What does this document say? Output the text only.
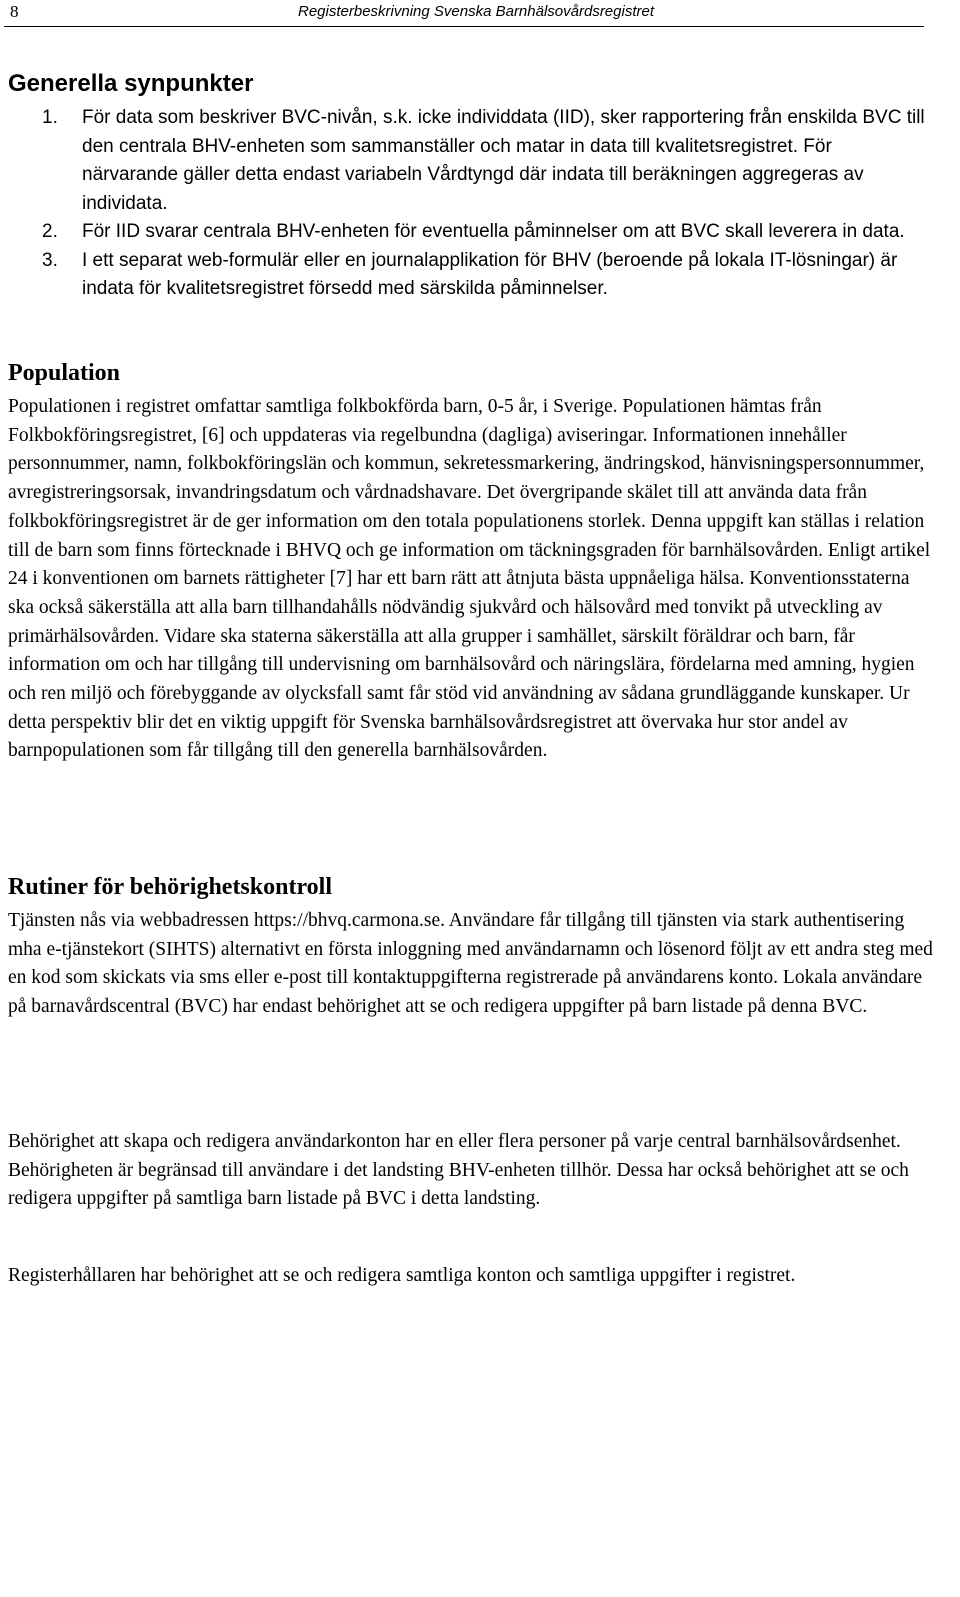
8	Registerbeskrivning Svenska Barnhälsovårdsregistret
Generella synpunkter
1. För data som beskriver BVC-nivån, s.k. icke individdata (IID), sker rapportering från enskilda BVC till den centrala BHV-enheten som sammanställer och matar in data till kvalitetsregistret. För närvarande gäller detta endast variabeln Vårdtyngd där indata till beräkningen aggregeras av individata.
2. För IID svarar centrala BHV-enheten för eventuella påminnelser om att BVC skall leverera in data.
3. I ett separat web-formulär eller en journalapplikation för BHV (beroende på lokala IT-lösningar) är indata för kvalitetsregistret försedd med särskilda påminnelser.
Population

Populationen i registret omfattar samtliga folkbokförda barn, 0-5 år, i Sverige. Populationen hämtas från Folkbokföringsregistret, [6] och uppdateras via regelbundna (dagliga) aviseringar. Informationen innehåller personnummer, namn, folkbokföringslän och kommun, sekretessmarkering, ändringskod, hänvisningspersonnummer, avregistreringsorsak, invandringsdatum och vårdnadshavare. Det övergripande skälet till att använda data från folkbokföringsregistret är de ger information om den totala populationens storlek. Denna uppgift kan ställas i relation till de barn som finns förtecknade i BHVQ och ge information om täckningsgraden för barnhälsovården. Enligt artikel 24 i konventionen om barnets rättigheter [7] har ett barn rätt att åtnjuta bästa uppnåeliga hälsa. Konventionsstaterna ska också säkerställa att alla barn tillhandahålls nödvändig sjukvård och hälsovård med tonvikt på utveckling av primärhälsovården. Vidare ska staterna säkerställa att alla grupper i samhället, särskilt föräldrar och barn, får information om och har tillgång till undervisning om barnhälsovård och näringslära, fördelarna med amning, hygien och ren miljö och förebyggande av olycksfall samt får stöd vid användning av sådana grundläggande kunskaper. Ur detta perspektiv blir det en viktig uppgift för Svenska barnhälsovårdsregistret att övervaka hur stor andel av barnpopulationen som får tillgång till den generella barnhälsovården.

Rutiner för behörighetskontroll

Tjänsten nås via webbadressen https://bhvq.carmona.se. Användare får tillgång till tjänsten via stark authentisering mha e-tjänstekort (SIHTS) alternativt en första inloggning med användarnamn och lösenord följt av ett andra steg med en kod som skickats via sms eller e-post till kontaktuppgifterna registrerade på användarens konto. Lokala användare på barnavårdscentral (BVC) har endast behörighet att se och redigera uppgifter på barn listade på denna BVC.

Behörighet att skapa och redigera användarkonton har en eller flera personer på varje central barnhälsovårdsenhet. Behörigheten är begränsad till användare i det landsting BHV-enheten tillhör. Dessa har också behörighet att se och redigera uppgifter på samtliga barn listade på BVC i detta landsting.

Registerhållaren har behörighet att se och redigera samtliga konton och samtliga uppgifter i registret.
